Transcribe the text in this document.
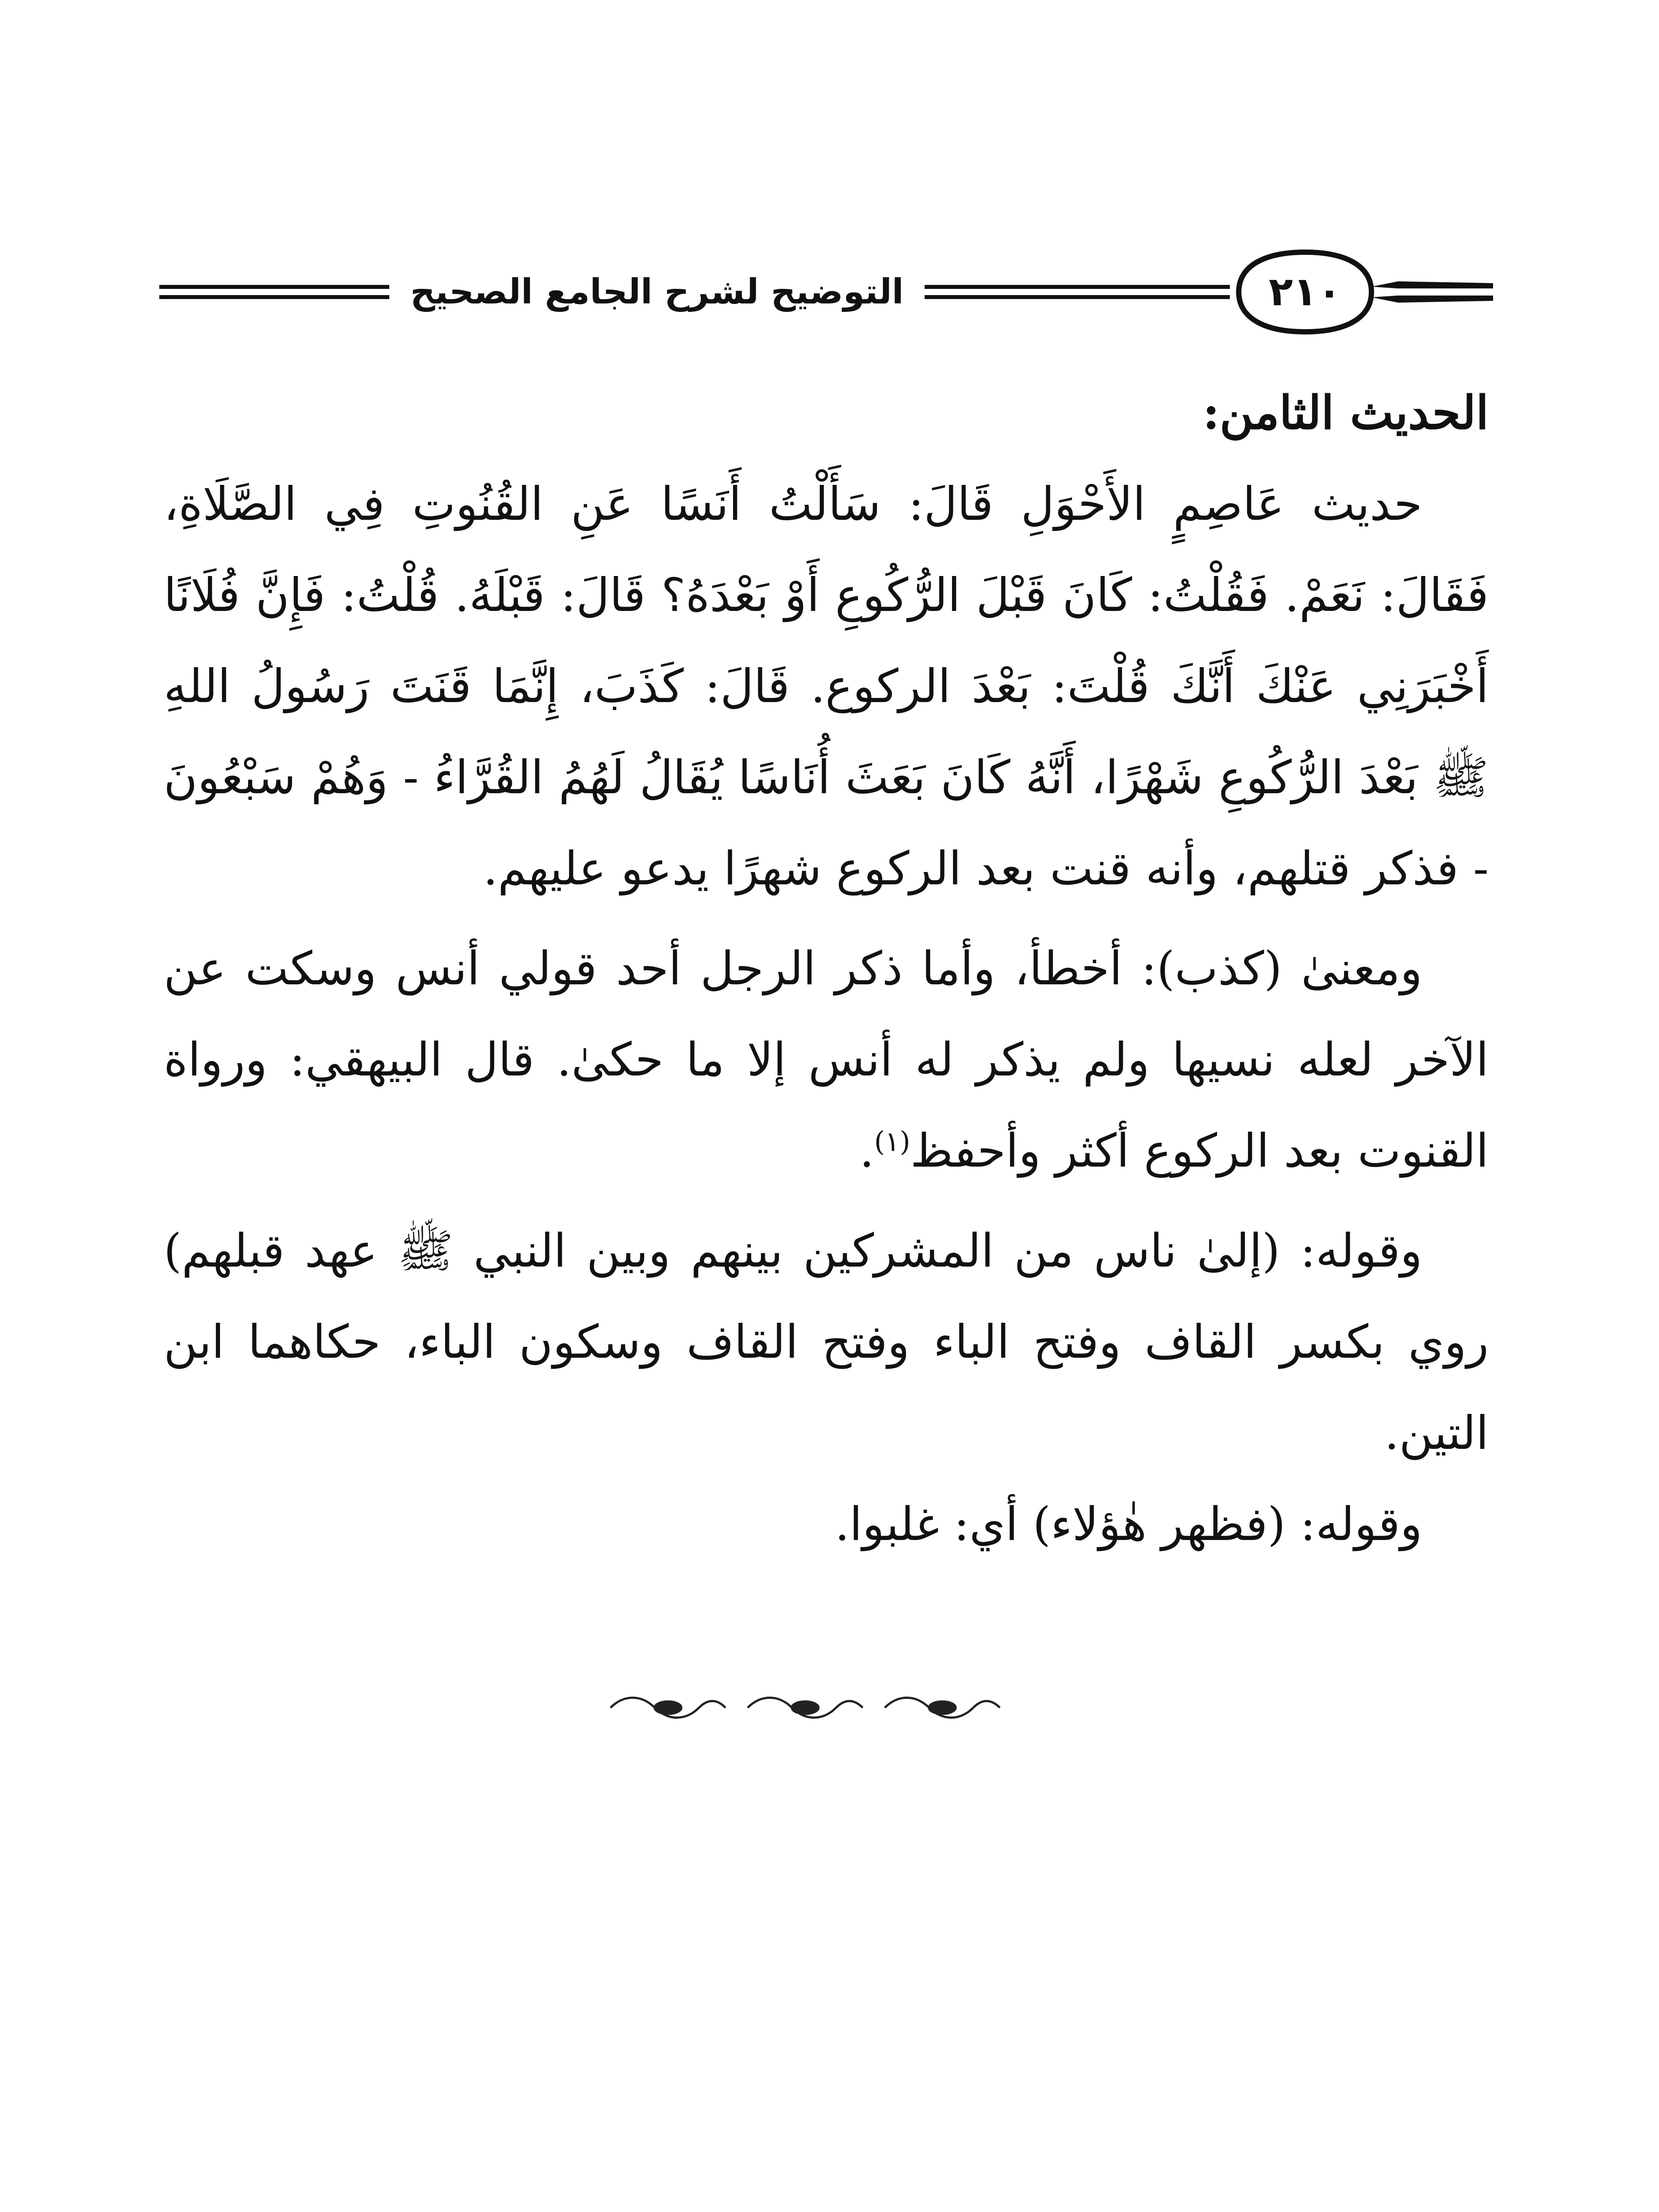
التوضيح لشرح الجامع الصحيح	٢١٠

الحديث الثامن:

حديث عَاصِمٍ الأَحْوَلِ قَالَ: سَأَلْتُ أَنَسًا عَنِ القُنُوتِ فِي الصَّلَاةِ، فَقَالَ: نَعَمْ. فَقُلْتُ: كَانَ قَبْلَ الرُّكُوعِ أَوْ بَعْدَهُ؟ قَالَ: قَبْلَهُ. قُلْتُ: فَإِنَّ فُلَانًا أَخْبَرَنِي عَنْكَ أَنَّكَ قُلْتَ: بَعْدَ الركوع. قَالَ: كَذَبَ، إِنَّمَا قَنَتَ رَسُولُ اللهِ ﷺ بَعْدَ الرُّكُوعِ شَهْرًا، أَنَّهُ كَانَ بَعَثَ أُنَاسًا يُقَالُ لَهُمُ القُرَّاءُ - وَهُمْ سَبْعُونَ - فذكر قتلهم، وأنه قنت بعد الركوع شهرًا يدعو عليهم.

ومعنىٰ (كذب): أخطأ، وأما ذكر الرجل أحد قولي أنس وسكت عن الآخر لعله نسيها ولم يذكر له أنس إلا ما حكىٰ. قال البيهقي: ورواة القنوت بعد الركوع أكثر وأحفظ$^{(١)}$.

وقوله: (إلىٰ ناس من المشركين بينهم وبين النبي ﷺ عهد قبلهم) روي بكسر القاف وفتح الباء وفتح القاف وسكون الباء، حكاهما ابن التين.

وقوله: (فظهر هٰؤلاء) أي: غلبوا.
